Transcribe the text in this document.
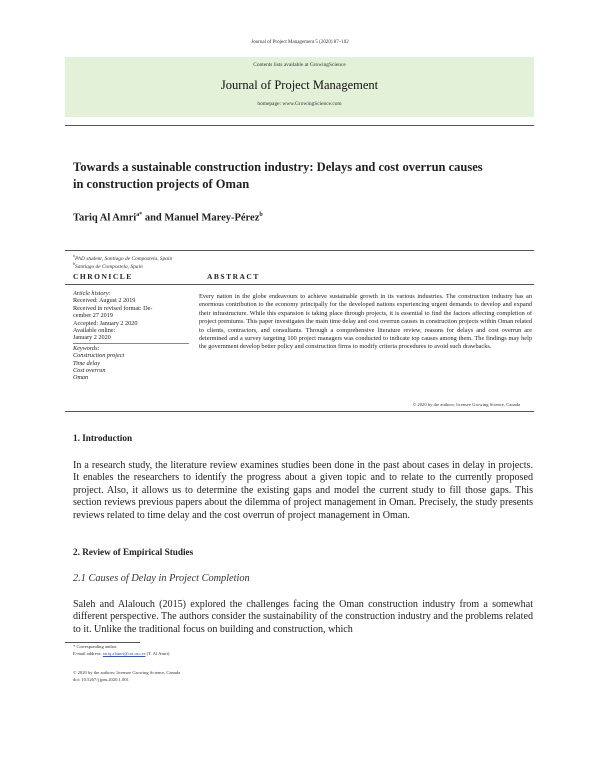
Journal of Project Management 5 (2020) 87–102
Contents lists available at GrowingScience
Journal of Project Management
homepage: www.GrowingScience.com
Towards a sustainable construction industry: Delays and cost overrun causes
in construction projects of Oman
Tariq Al Amri$^{a*}$ and Manuel Marey-Pérez$^b$
$^a$PhD student, Santiago de Compostela, Spain
$^b$Santiago de Compostela, Spain
CHRONICLE	ABSTRACT
Article history:
Received: August 2 2019
Received in revised format: De-
cember 27 2019
Accepted: January 2 2020
Available online:
January 2 2020
Keywords:
Construction project
Time delay
Cost overrun
Oman
Every nation in the globe endeavours to achieve sustainable growth in its various industries. The construction industry has an enormous contribution to the economy principally for the developed nations experiencing urgent demands to develop and expand their infrastructure. While this expansion is taking place through projects, it is essential to find the factors affecting completion of project premiums. This paper investigates the main time delay and cost overrun causes in construction projects within Oman related to clients, contractors, and consultants. Through a comprehensive literature review, reasons for delays and cost overrun are determined and a survey targeting 100 project managers was conducted to indicate top causes among them. The findings may help the government develop better policy and construction firms to modify criteria procedures to avoid such drawbacks.
© 2020 by the authors; licensee Growing Science, Canada
1. Introduction
In a research study, the literature review examines studies been done in the past about cases in delay in projects. It enables the researchers to identify the progress about a given topic and to relate to the currently proposed project. Also, it allows us to determine the existing gaps and model the current study to fill those gaps. This section reviews previous papers about the dilemma of project management in Oman. Precisely, the study presents reviews related to time delay and the cost overrun of project management in Oman.
2. Review of Empirical Studies
2.1 Causes of Delay in Project Completion
Saleh and Alalouch (2015) explored the challenges facing the Oman construction industry from a somewhat different perspective. The authors consider the sustainability of the construction industry and the problems related to it. Unlike the traditional focus on building and construction, which
* Corresponding author.
E-mail address: tariq.alamri@rai.usc.es (T. Al Amri)
© 2020 by the authors; licensee Growing Science, Canada
doi: 10.5267/j.jpm.2020.1.001
